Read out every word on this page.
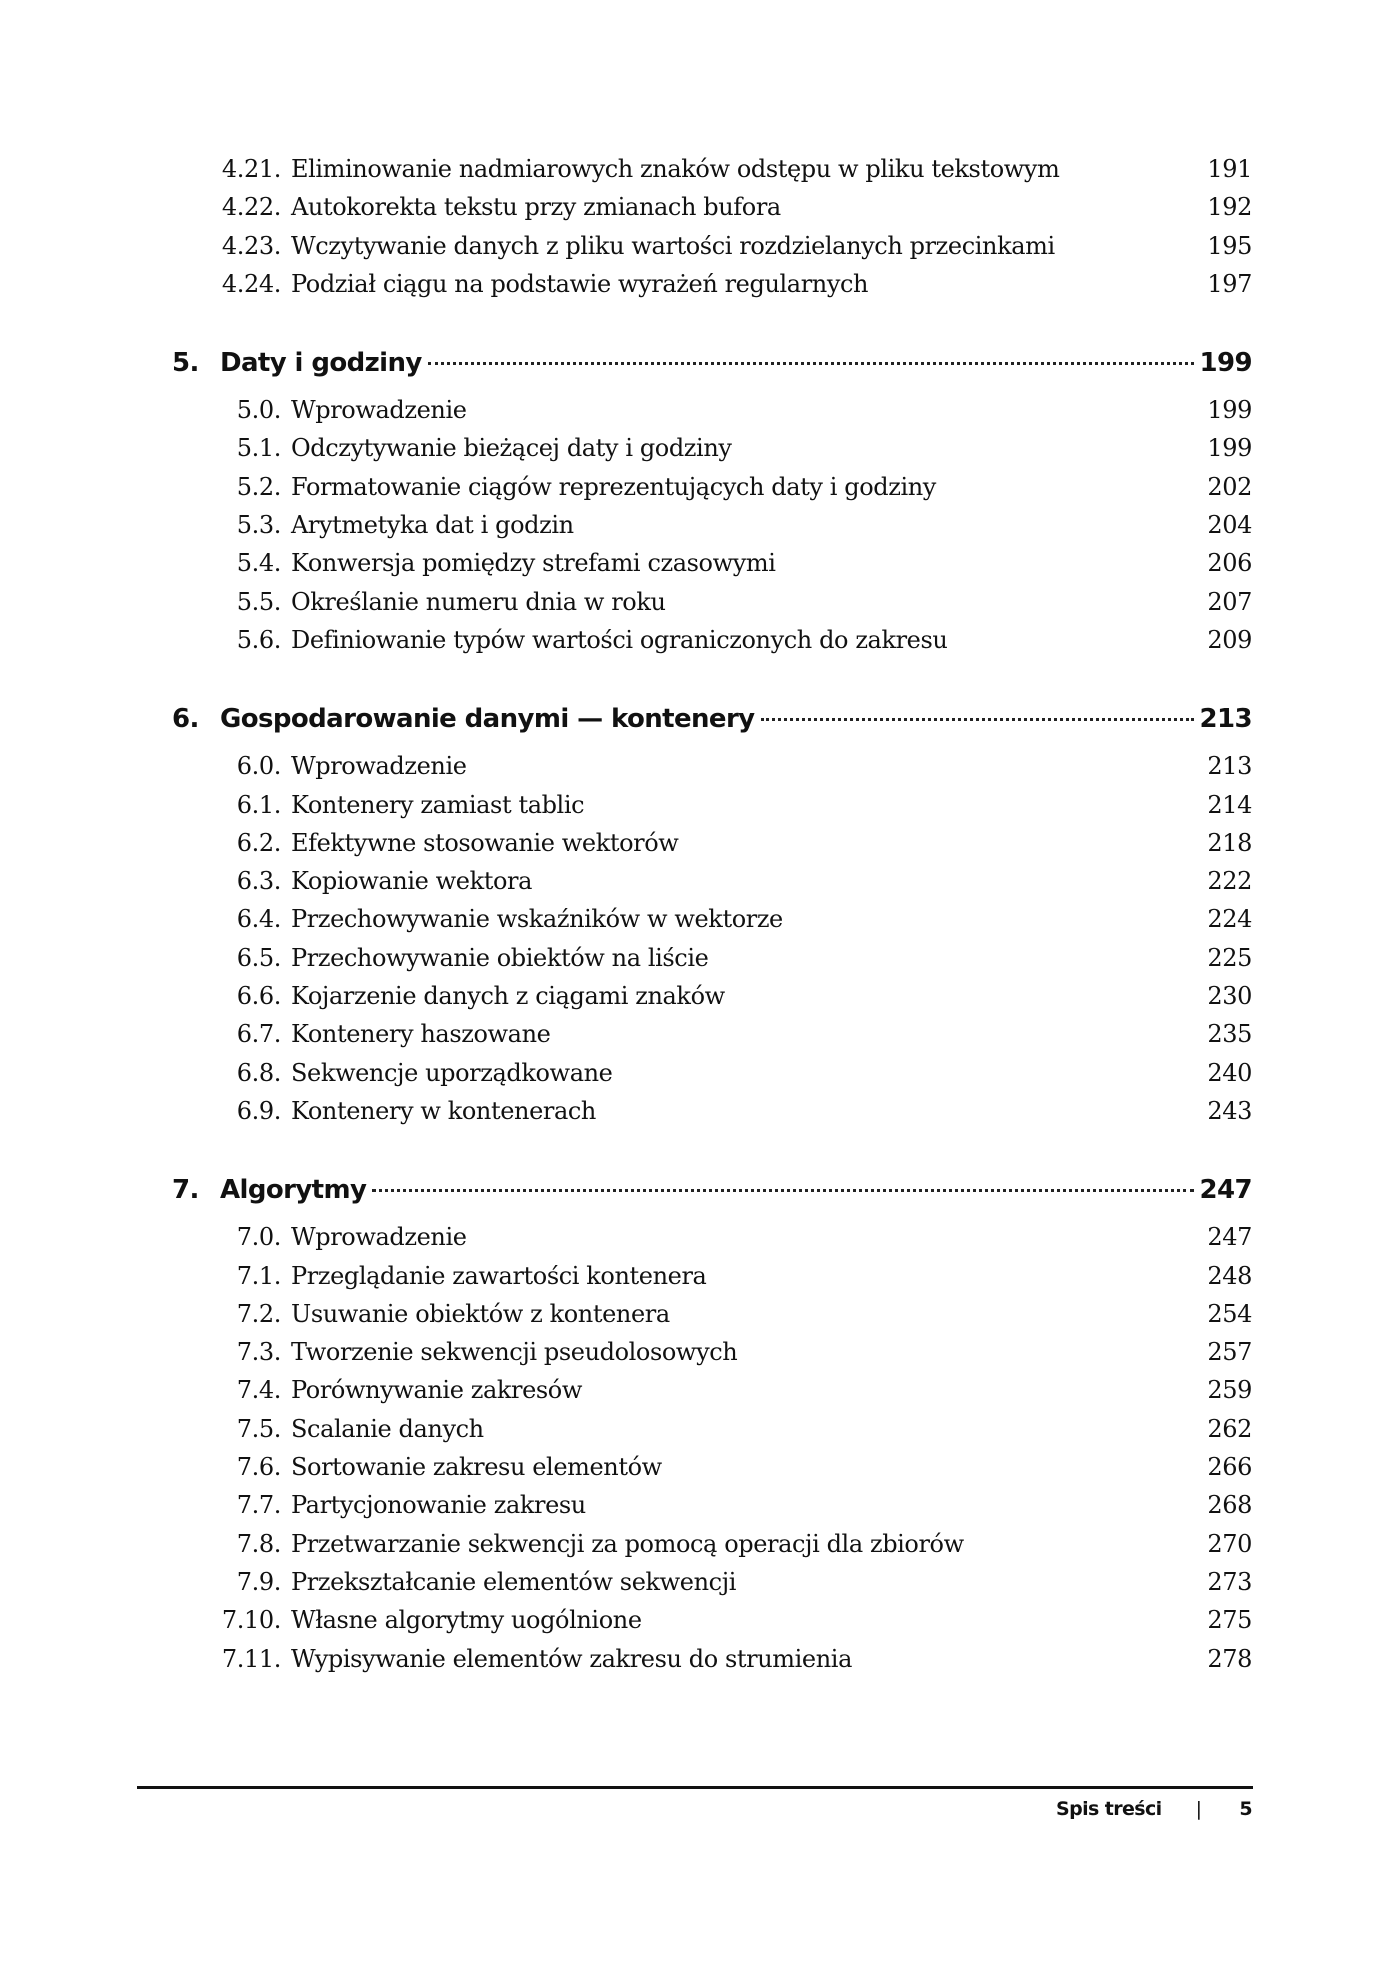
4.21. Eliminowanie nadmiarowych znaków odstępu w pliku tekstowym	191
4.22. Autokorekta tekstu przy zmianach bufora	192
4.23. Wczytywanie danych z pliku wartości rozdzielanych przecinkami	195
4.24. Podział ciągu na podstawie wyrażeń regularnych	197
5. Daty i godziny	199
5.0. Wprowadzenie	199
5.1. Odczytywanie bieżącej daty i godziny	199
5.2. Formatowanie ciągów reprezentujących daty i godziny	202
5.3. Arytmetyka dat i godzin	204
5.4. Konwersja pomiędzy strefami czasowymi	206
5.5. Określanie numeru dnia w roku	207
5.6. Definiowanie typów wartości ograniczonych do zakresu	209
6. Gospodarowanie danymi — kontenery	213
6.0. Wprowadzenie	213
6.1. Kontenery zamiast tablic	214
6.2. Efektywne stosowanie wektorów	218
6.3. Kopiowanie wektora	222
6.4. Przechowywanie wskaźników w wektorze	224
6.5. Przechowywanie obiektów na liście	225
6.6. Kojarzenie danych z ciągami znaków	230
6.7. Kontenery haszowane	235
6.8. Sekwencje uporządkowane	240
6.9. Kontenery w kontenerach	243
7. Algorytmy	247
7.0. Wprowadzenie	247
7.1. Przeglądanie zawartości kontenera	248
7.2. Usuwanie obiektów z kontenera	254
7.3. Tworzenie sekwencji pseudolosowych	257
7.4. Porównywanie zakresów	259
7.5. Scalanie danych	262
7.6. Sortowanie zakresu elementów	266
7.7. Partycjonowanie zakresu	268
7.8. Przetwarzanie sekwencji za pomocą operacji dla zbiorów	270
7.9. Przekształcanie elementów sekwencji	273
7.10. Własne algorytmy uogólnione	275
7.11. Wypisywanie elementów zakresu do strumienia	278
Spis treści | 5
